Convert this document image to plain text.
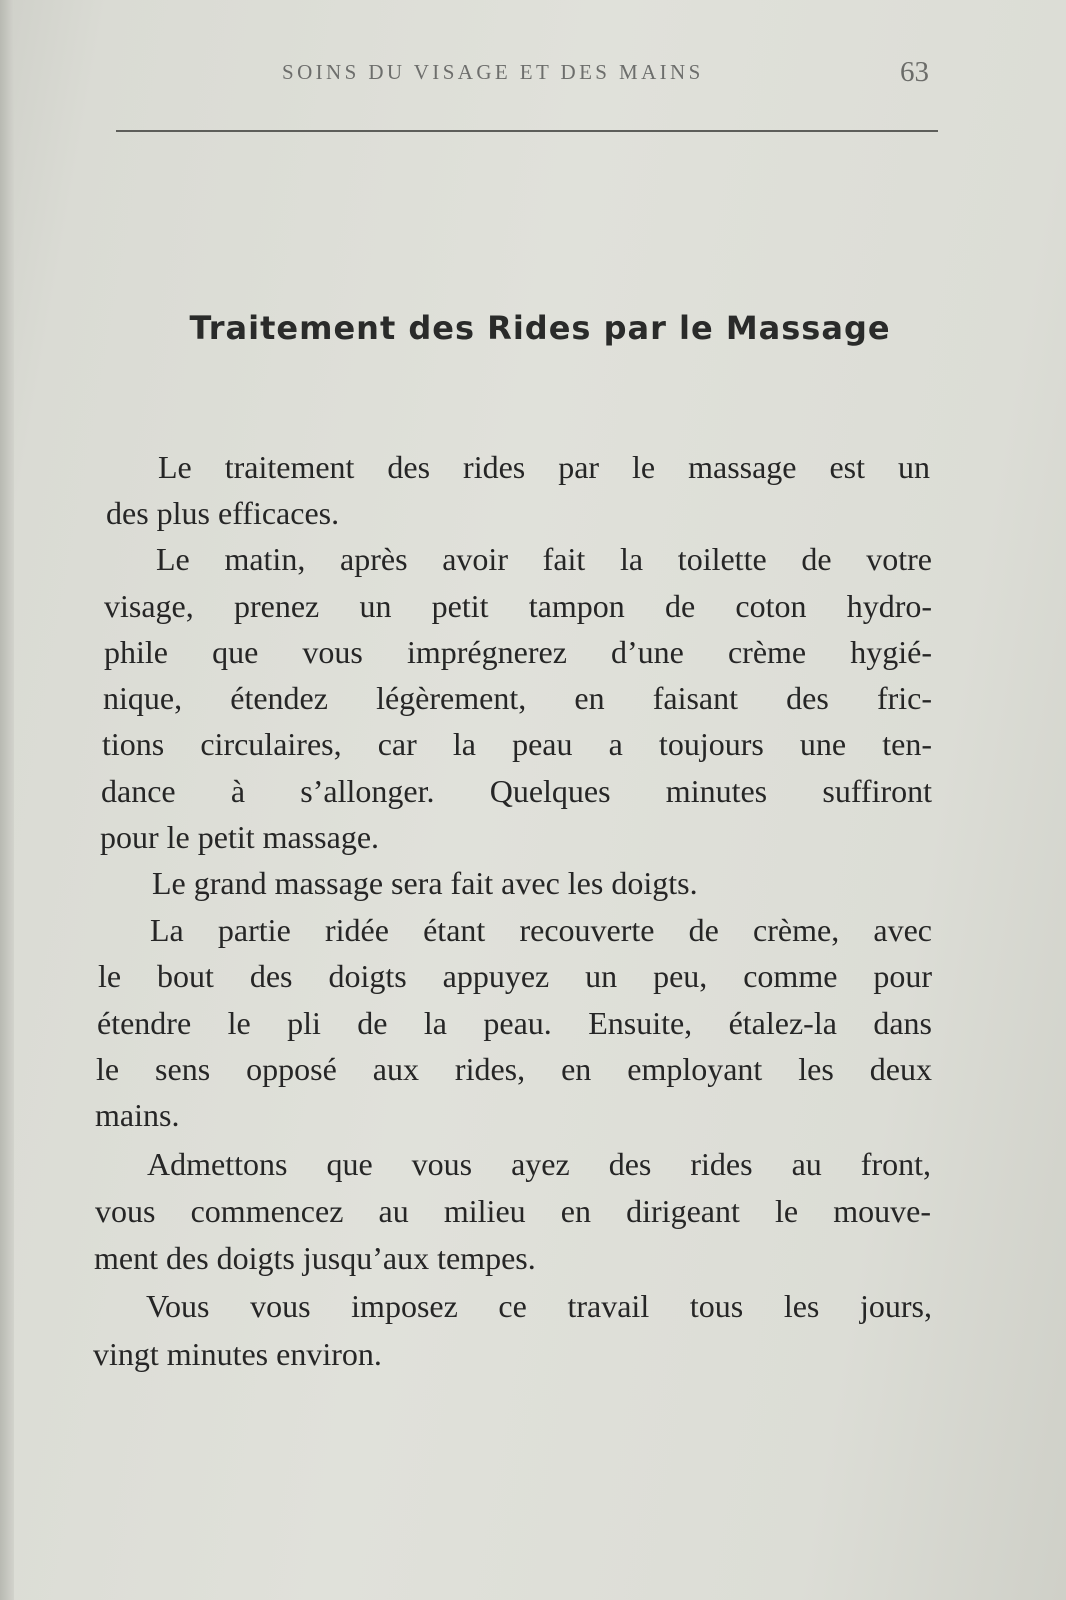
SOINS DU VISAGE ET DES MAINS	63
Traitement des Rides par le Massage
Le traitement des rides par le massage est un
des plus efficaces.
Le matin, après avoir fait la toilette de votre
visage, prenez un petit tampon de coton hydro-
phile que vous imprégnerez d’une crème hygié-
nique, étendez légèrement, en faisant des fric-
tions circulaires, car la peau a toujours une ten-
dance à s’allonger. Quelques minutes suffiront
pour le petit massage.
Le grand massage sera fait avec les doigts.
La partie ridée étant recouverte de crème, avec
le bout des doigts appuyez un peu, comme pour
étendre le pli de la peau. Ensuite, étalez-la dans
le sens opposé aux rides, en employant les deux
mains.
Admettons que vous ayez des rides au front,
vous commencez au milieu en dirigeant le mouve-
ment des doigts jusqu’aux tempes.
Vous vous imposez ce travail tous les jours,
vingt minutes environ.
